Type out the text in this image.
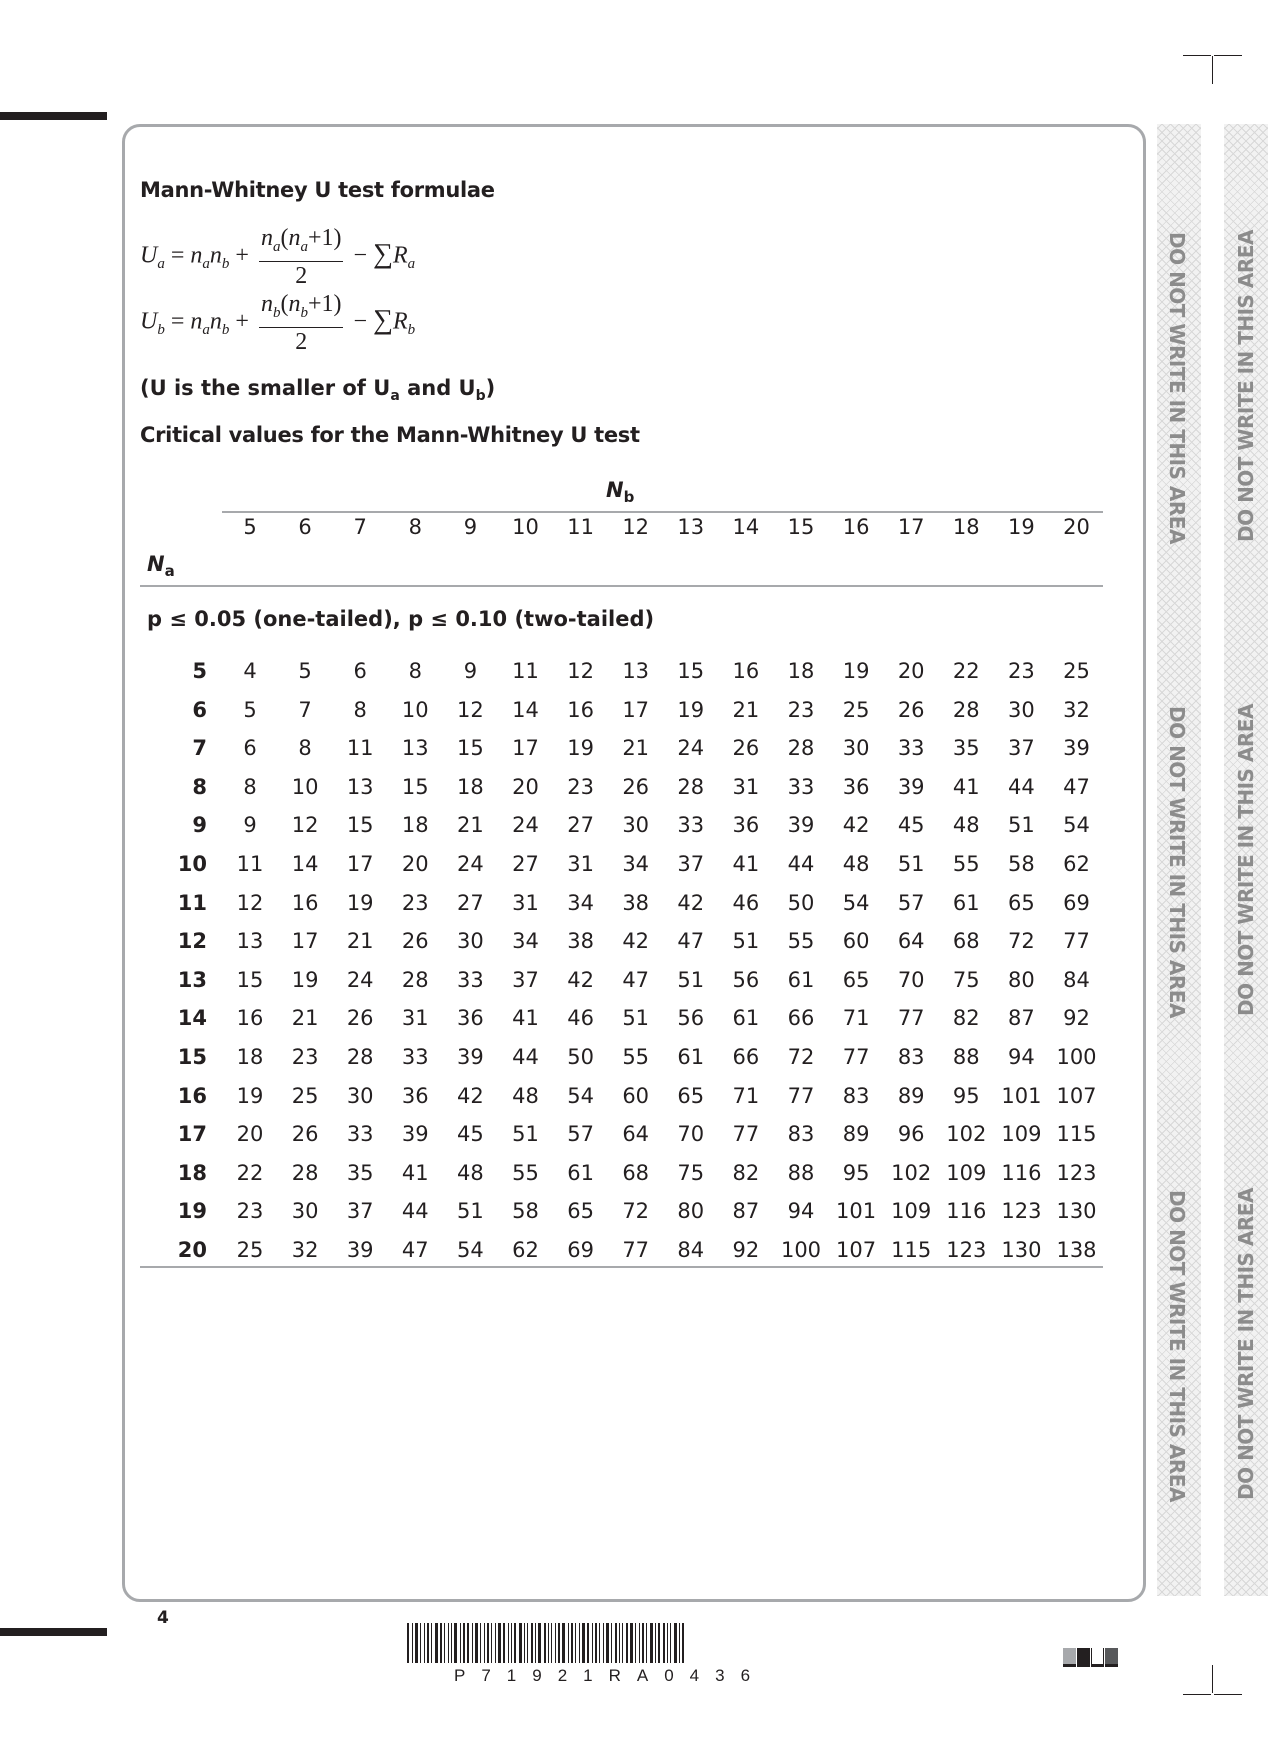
DO NOT WRITE IN THIS AREA
DO NOT WRITE IN THIS AREA
DO NOT WRITE IN THIS AREA
DO NOT WRITE IN THIS AREA
DO NOT WRITE IN THIS AREA
DO NOT WRITE IN THIS AREA
Mann-Whitney U test formulae
$U_a = n_an_b + \frac{n_a(n_a+1)}{2} - \sum R_a$
$U_b = n_an_b + \frac{n_b(n_b+1)}{2} - \sum R_b$
(U is the smaller of $U_a$ and $U_b$)
Critical values for the Mann-Whitney U test
$N_b$
5	6	7	8	9	10	11	12	13	14	15	16	17	18	19	20
$N_a$
p ≤ 0.05 (one-tailed), p ≤ 0.10 (two-tailed)
5	4	5	6	8	9	11	12	13	15	16	18	19	20	22	23	25
6	5	7	8	10	12	14	16	17	19	21	23	25	26	28	30	32
7	6	8	11	13	15	17	19	21	24	26	28	30	33	35	37	39
8	8	10	13	15	18	20	23	26	28	31	33	36	39	41	44	47
9	9	12	15	18	21	24	27	30	33	36	39	42	45	48	51	54
10	11	14	17	20	24	27	31	34	37	41	44	48	51	55	58	62
11	12	16	19	23	27	31	34	38	42	46	50	54	57	61	65	69
12	13	17	21	26	30	34	38	42	47	51	55	60	64	68	72	77
13	15	19	24	28	33	37	42	47	51	56	61	65	70	75	80	84
14	16	21	26	31	36	41	46	51	56	61	66	71	77	82	87	92
15	18	23	28	33	39	44	50	55	61	66	72	77	83	88	94	100
16	19	25	30	36	42	48	54	60	65	71	77	83	89	95	101 107
17	20	26	33	39	45	51	57	64	70	77	83	89	96	102 109 115
18	22	28	35	41	48	55	61	68	75	82	88	95	102 109 116 123
19	23	30	37	44	51	58	65	72	80	87	94	101 109 116 123 130
20	25	32	39	47	54	62	69	77	84	92	100 107 115 123 130 138
4
P71921RA0436
